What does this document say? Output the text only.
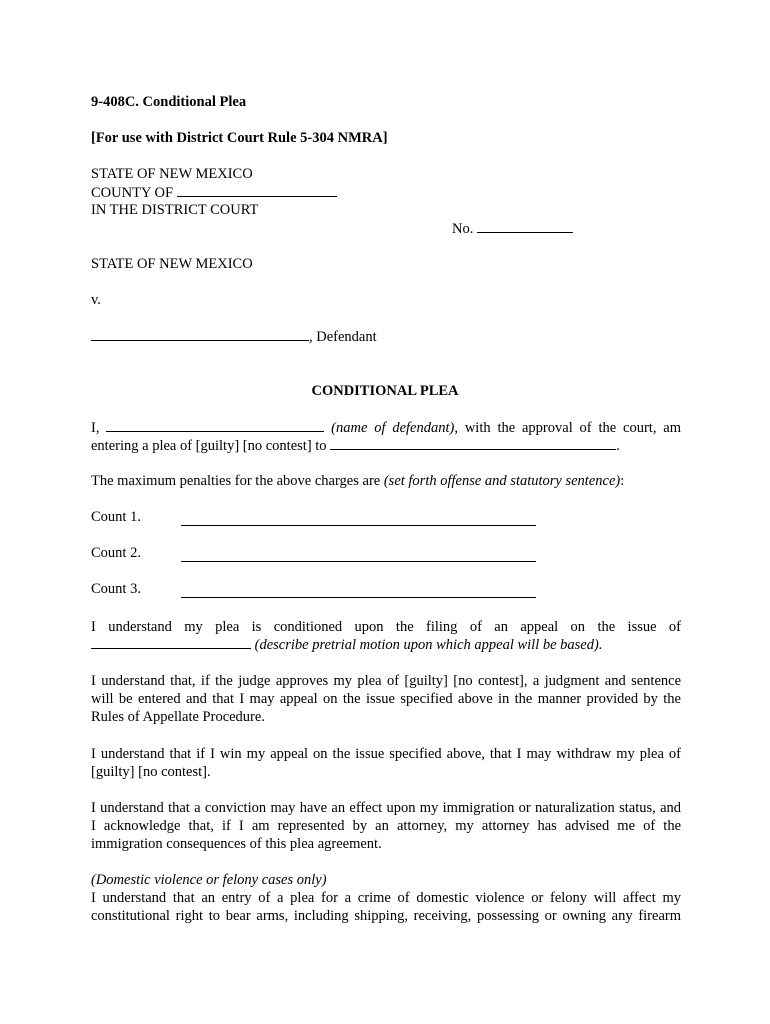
9-408C. Conditional Plea
[For use with District Court Rule 5-304 NMRA]
STATE OF NEW MEXICO
COUNTY OF
IN THE DISTRICT COURT
No.
STATE OF NEW MEXICO
v.
, Defendant
CONDITIONAL PLEA
I,	(name of defendant), with the approval of the court, am
entering a plea of [guilty] [no contest] to	.
The maximum penalties for the above charges are (set forth offense and statutory sentence):
Count 1.
Count 2.
Count 3.
I understand my plea is conditioned upon the filing of an appeal on the issue of
(describe pretrial motion upon which appeal will be based).
I understand that, if the judge approves my plea of [guilty] [no contest], a judgment and sentence
will be entered and that I may appeal on the issue specified above in the manner provided by the
Rules of Appellate Procedure.
I understand that if I win my appeal on the issue specified above, that I may withdraw my plea of
[guilty] [no contest].
I understand that a conviction may have an effect upon my immigration or naturalization status, and
I acknowledge that, if I am represented by an attorney, my attorney has advised me of the
immigration consequences of this plea agreement.
(Domestic violence or felony cases only)
I understand that an entry of a plea for a crime of domestic violence or felony will affect my
constitutional right to bear arms, including shipping, receiving, possessing or owning any firearm
